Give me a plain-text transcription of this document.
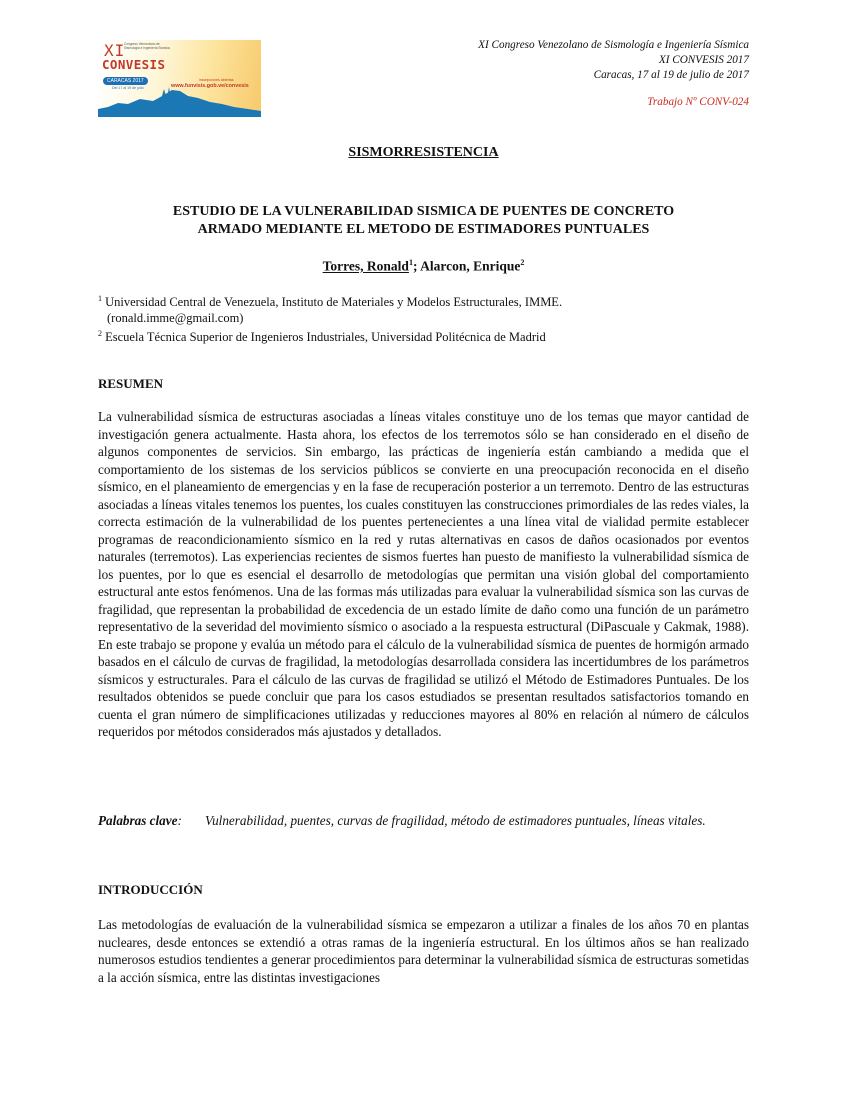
XI
Congreso Venezolano de Sismología e Ingeniería Sísmica
CONVESIS
CARACAS 2017
Del 17 al 19 de julio
inscripciones abiertas
www.funvisis.gob.ve/convesis
XI Congreso Venezolano de Sismología e Ingeniería Sísmica
XI CONVESIS 2017
Caracas, 17 al 19 de julio de 2017
Trabajo Nº CONV-024
SISMORRESISTENCIA
ESTUDIO DE LA VULNERABILIDAD SISMICA DE PUENTES DE CONCRETO
ARMADO MEDIANTE EL METODO DE ESTIMADORES PUNTUALES
Torres, Ronald$^1$; Alarcon, Enrique$^2$
$^1$ Universidad Central de Venezuela, Instituto de Materiales y Modelos Estructurales, IMME.
(ronald.imme@gmail.com)
$^2$ Escuela Técnica Superior de Ingenieros Industriales, Universidad Politécnica de Madrid
RESUMEN
La vulnerabilidad sísmica de estructuras asociadas a líneas vitales constituye uno de los temas que mayor cantidad de investigación genera actualmente. Hasta ahora, los efectos de los terremotos sólo se han considerado en el diseño de algunos componentes de servicios. Sin embargo, las prácticas de ingeniería están cambiando a medida que el comportamiento de los sistemas de los servicios públicos se convierte en una preocupación reconocida en el diseño sísmico, en el planeamiento de emergencias y en la fase de recuperación posterior a un terremoto. Dentro de las estructuras asociadas a líneas vitales tenemos los puentes, los cuales constituyen las construcciones primordiales de las redes viales, la correcta estimación de la vulnerabilidad de los puentes pertenecientes a una línea vital de vialidad permite establecer programas de reacondicionamiento sísmico en la red y rutas alternativas en casos de daños ocasionados por eventos naturales (terremotos). Las experiencias recientes de sismos fuertes han puesto de manifiesto la vulnerabilidad sísmica de los puentes, por lo que es esencial el desarrollo de metodologías que permitan una visión global del comportamiento estructural ante estos fenómenos. Una de las formas más utilizadas para evaluar la vulnerabilidad sísmica son las curvas de fragilidad, que representan la probabilidad de excedencia de un estado límite de daño como una función de un parámetro representativo de la severidad del movimiento sísmico o asociado a la respuesta estructural (DiPascuale y Cakmak, 1988). En este trabajo se propone y evalúa un método para el cálculo de la vulnerabilidad sísmica de puentes de hormigón armado basados en el cálculo de curvas de fragilidad, la metodologías desarrollada considera las incertidumbres de los parámetros sísmicos y estructurales. Para el cálculo de las curvas de fragilidad se utilizó el Método de Estimadores Puntuales. De los resultados obtenidos se puede concluir que para los casos estudiados se presentan resultados satisfactorios tomando en cuenta el gran número de simplificaciones utilizadas y reducciones mayores al 80% en relación al número de cálculos requeridos por métodos considerados más ajustados y detallados.
Palabras clave:	Vulnerabilidad, puentes, curvas de fragilidad, método de estimadores puntuales, líneas vitales.
INTRODUCCIÓN
Las metodologías de evaluación de la vulnerabilidad sísmica se empezaron a utilizar a finales de los años 70 en plantas nucleares, desde entonces se extendió a otras ramas de la ingeniería estructural. En los últimos años se han realizado numerosos estudios tendientes a generar procedimientos para determinar la vulnerabilidad sísmica de estructuras sometidas a la acción sísmica, entre las distintas investigaciones
